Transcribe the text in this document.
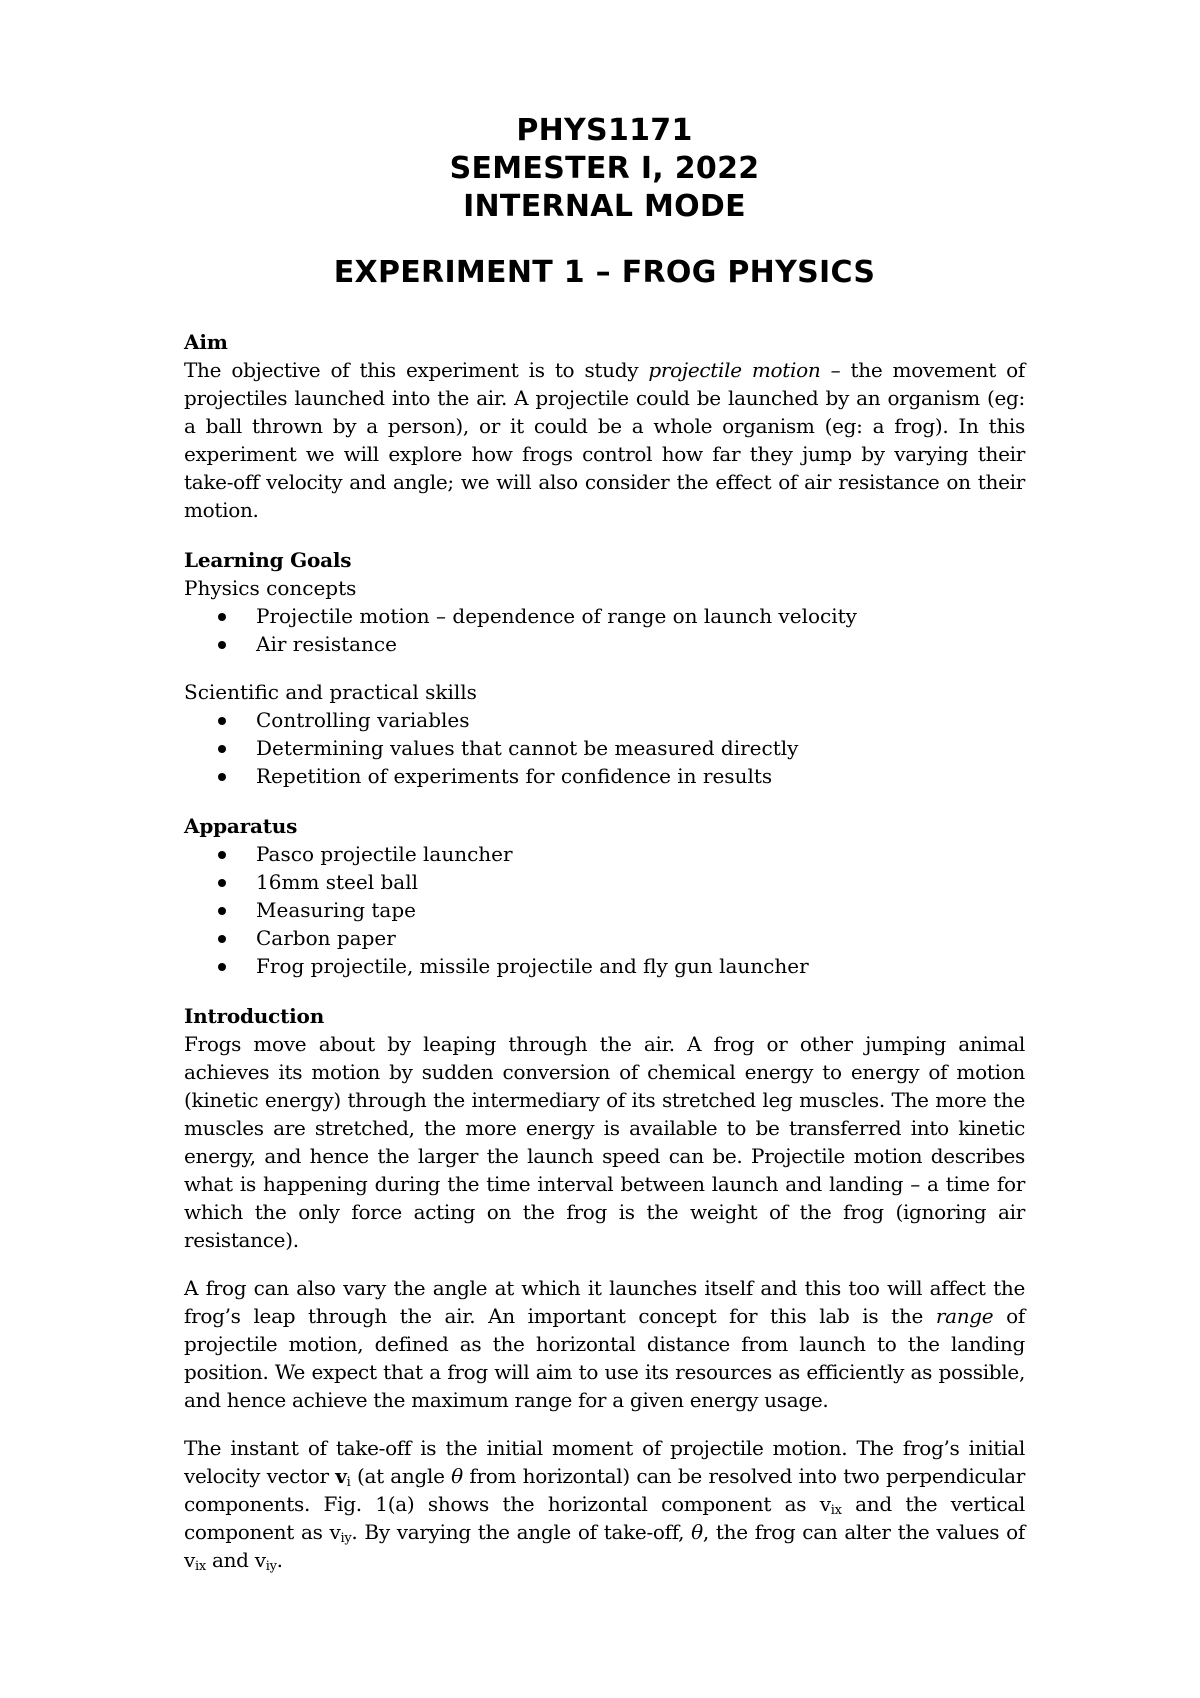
PHYS1171
SEMESTER I, 2022
INTERNAL MODE
EXPERIMENT 1 – FROG PHYSICS
Aim

The objective of this experiment is to study projectile motion – the movement of projectiles launched into the air. A projectile could be launched by an organism (eg: a ball thrown by a person), or it could be a whole organism (eg: a frog). In this experiment we will explore how frogs control how far they jump by varying their take-off velocity and angle; we will also consider the effect of air resistance on their motion.

Learning Goals
Physics concepts
Projectile motion – dependence of range on launch velocity
Air resistance
Scientific and practical skills
Controlling variables
Determining values that cannot be measured directly
Repetition of experiments for confidence in results
Apparatus
Pasco projectile launcher
16mm steel ball
Measuring tape
Carbon paper
Frog projectile, missile projectile and fly gun launcher
Introduction

Frogs move about by leaping through the air. A frog or other jumping animal achieves its motion by sudden conversion of chemical energy to energy of motion (kinetic energy) through the intermediary of its stretched leg muscles. The more the muscles are stretched, the more energy is available to be transferred into kinetic energy, and hence the larger the launch speed can be. Projectile motion describes what is happening during the time interval between launch and landing – a time for which the only force acting on the frog is the weight of the frog (ignoring air resistance).

A frog can also vary the angle at which it launches itself and this too will affect the frog’s leap through the air. An important concept for this lab is the range of projectile motion, defined as the horizontal distance from launch to the landing position. We expect that a frog will aim to use its resources as efficiently as possible, and hence achieve the maximum range for a given energy usage.

The instant of take-off is the initial moment of projectile motion. The frog’s initial velocity vector $v_i$ (at angle θ from horizontal) can be resolved into two perpendicular components. Fig. 1(a) shows the horizontal component as $v_{ix}$ and the vertical component as $v_{iy}$. By varying the angle of take-off, θ, the frog can alter the values of $v_{ix}$ and $v_{iy}$.
